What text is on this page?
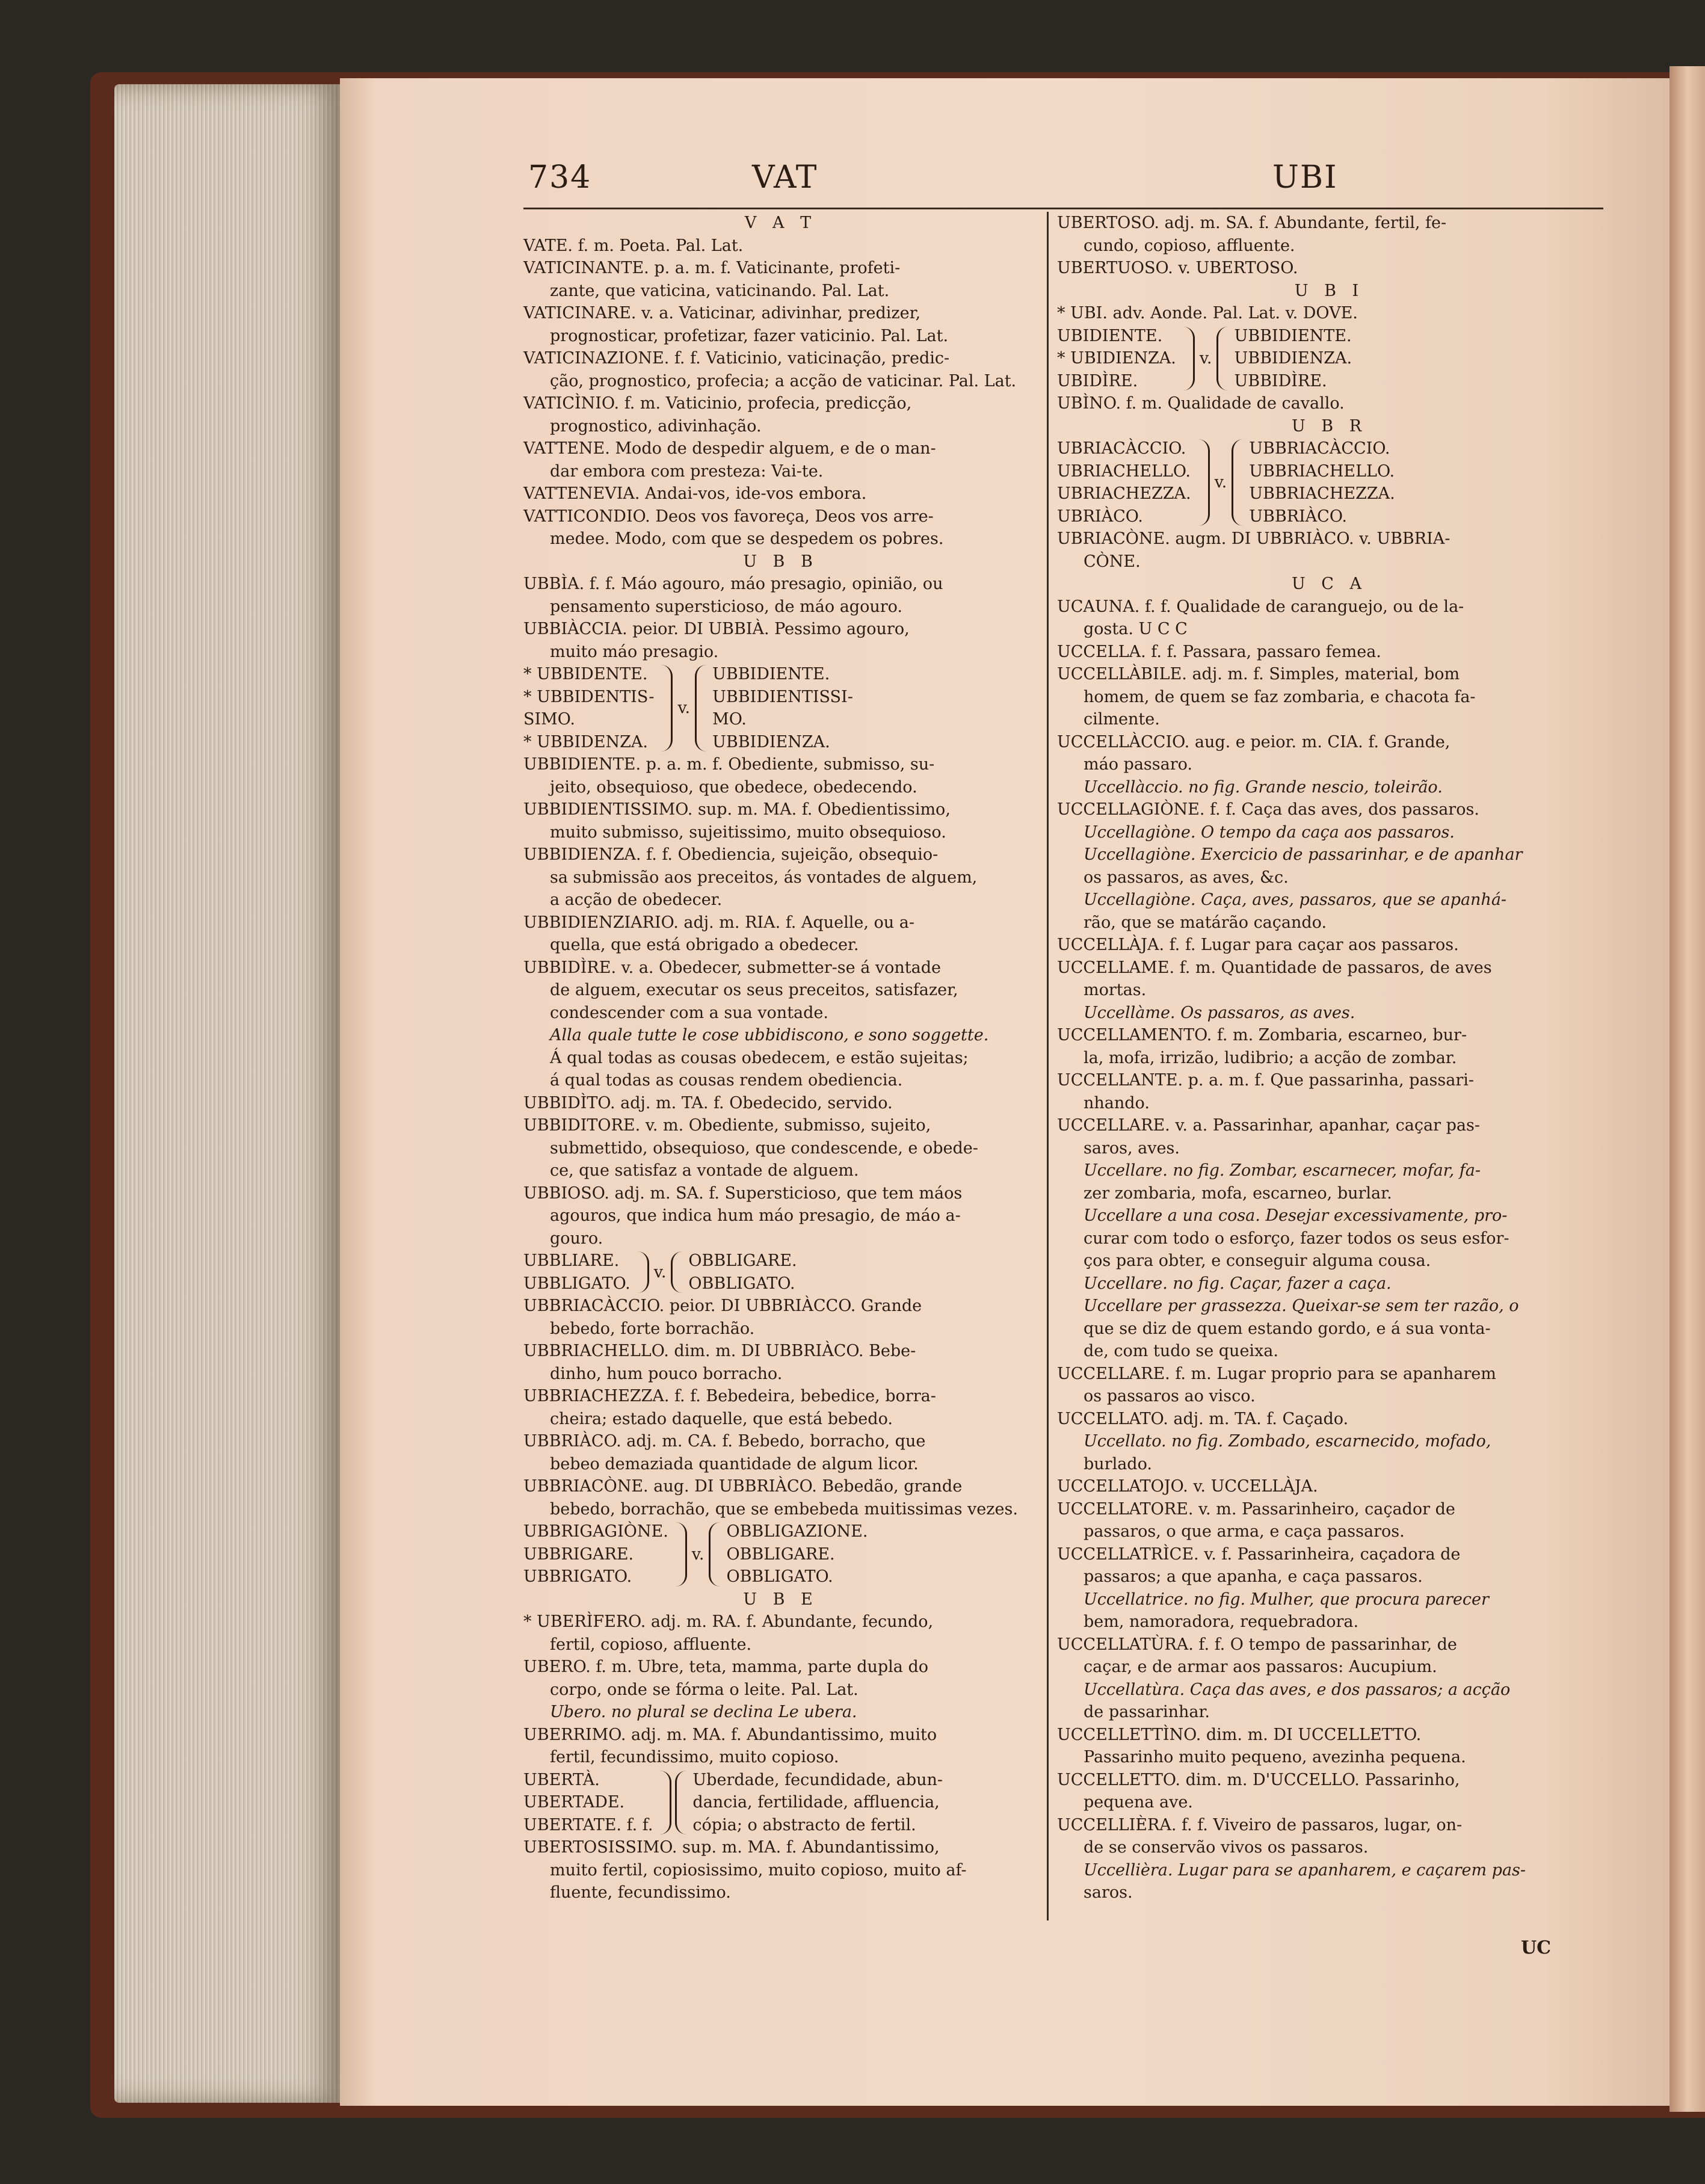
734	VAT	UBI
V A T
VATE. f. m. Poeta. Pal. Lat.
VATICINANTE. p. a. m. f. Vaticinante, profeti-
zante, que vaticina, vaticinando. Pal. Lat.
VATICINARE. v. a. Vaticinar, adivinhar, predizer,
prognosticar, profetizar, fazer vaticinio. Pal. Lat.
VATICINAZIONE. f. f. Vaticinio, vaticinação, predic-
ção, prognostico, profecia; a acção de vaticinar. Pal. Lat.
VATICÌNIO. f. m. Vaticinio, profecia, predicção,
prognostico, adivinhação.
VATTENE. Modo de despedir alguem, e de o man-
dar embora com presteza: Vai-te.
VATTENEVIA. Andai-vos, ide-vos embora.
VATTICONDIO. Deos vos favoreça, Deos vos arre-
medee. Modo, com que se despedem os pobres.
U B B
UBBÌA. f. f. Máo agouro, máo presagio, opinião, ou
pensamento supersticioso, de máo agouro.
UBBIÀCCIA. peior. DI UBBIÀ. Pessimo agouro,
muito máo presagio.
* UBBIDENTE.
* UBBIDENTIS-
SIMO.
* UBBIDENZA.
v.
UBBIDIENTE.
UBBIDIENTISSI-
MO.
UBBIDIENZA.
UBBIDIENTE. p. a. m. f. Obediente, submisso, su-
jeito, obsequioso, que obedece, obedecendo.
UBBIDIENTISSIMO. sup. m. MA. f. Obedientissimo,
muito submisso, sujeitissimo, muito obsequioso.
UBBIDIENZA. f. f. Obediencia, sujeição, obsequio-
sa submissão aos preceitos, ás vontades de alguem,
a acção de obedecer.
UBBIDIENZIARIO. adj. m. RIA. f. Aquelle, ou a-
quella, que está obrigado a obedecer.
UBBIDÌRE. v. a. Obedecer, submetter-se á vontade
de alguem, executar os seus preceitos, satisfazer,
condescender com a sua vontade.
Alla quale tutte le cose ubbidiscono, e sono soggette.
Á qual todas as cousas obedecem, e estão sujeitas;
á qual todas as cousas rendem obediencia.
UBBIDÌTO. adj. m. TA. f. Obedecido, servido.
UBBIDITORE. v. m. Obediente, submisso, sujeito,
submettido, obsequioso, que condescende, e obede-
ce, que satisfaz a vontade de alguem.
UBBIOSO. adj. m. SA. f. Supersticioso, que tem máos
agouros, que indica hum máo presagio, de máo a-
gouro.
UBBLIARE.
UBBLIGATO.
v.
OBBLIGARE.
OBBLIGATO.
UBBRIACÀCCIO. peior. DI UBBRIÀCCO. Grande
bebedo, forte borrachão.
UBBRIACHELLO. dim. m. DI UBBRIÀCO. Bebe-
dinho, hum pouco borracho.
UBBRIACHEZZA. f. f. Bebedeira, bebedice, borra-
cheira; estado daquelle, que está bebedo.
UBBRIÀCO. adj. m. CA. f. Bebedo, borracho, que
bebeo demaziada quantidade de algum licor.
UBBRIACÒNE. aug. DI UBBRIÀCO. Bebedão, grande
bebedo, borrachão, que se embebeda muitissimas vezes.
UBBRIGAGIÒNE.
UBBRIGARE.
UBBRIGATO.
v.
OBBLIGAZIONE.
OBBLIGARE.
OBBLIGATO.
U B E
* UBERÌFERO. adj. m. RA. f. Abundante, fecundo,
fertil, copioso, affluente.
UBERO. f. m. Ubre, teta, mamma, parte dupla do
corpo, onde se fórma o leite. Pal. Lat.
Ubero. no plural se declina Le ubera.
UBERRIMO. adj. m. MA. f. Abundantissimo, muito
fertil, fecundissimo, muito copioso.
UBERTÀ.
UBERTADE.
UBERTATE. f. f.
Uberdade, fecundidade, abun-
dancia, fertilidade, affluencia,
cópia; o abstracto de fertil.
UBERTOSISSIMO. sup. m. MA. f. Abundantissimo,
muito fertil, copiosissimo, muito copioso, muito af-
fluente, fecundissimo.
UBERTOSO. adj. m. SA. f. Abundante, fertil, fe-
cundo, copioso, affluente.
UBERTUOSO. v. UBERTOSO.
U B I
* UBI. adv. Aonde. Pal. Lat. v. DOVE.
UBIDIENTE.
* UBIDIENZA.
UBIDÌRE.
v.
UBBIDIENTE.
UBBIDIENZA.
UBBIDÌRE.
UBÌNO. f. m. Qualidade de cavallo.
U B R
UBRIACÀCCIO.
UBRIACHELLO.
UBRIACHEZZA.
UBRIÀCO.
v.
UBBRIACÀCCIO.
UBBRIACHELLO.
UBBRIACHEZZA.
UBBRIÀCO.
UBRIACÒNE. augm. DI UBBRIÀCO. v. UBBRIA-
CÒNE.
U C A
UCAUNA. f. f. Qualidade de caranguejo, ou de la-
gosta. U C C
UCCELLA. f. f. Passara, passaro femea.
UCCELLÀBILE. adj. m. f. Simples, material, bom
homem, de quem se faz zombaria, e chacota fa-
cilmente.
UCCELLÀCCIO. aug. e peior. m. CIA. f. Grande,
máo passaro.
Uccellàccio. no fig. Grande nescio, toleirão.
UCCELLAGIÒNE. f. f. Caça das aves, dos passaros.
Uccellagiòne. O tempo da caça aos passaros.
Uccellagiòne. Exercicio de passarinhar, e de apanhar
os passaros, as aves, &c.
Uccellagiòne. Caça, aves, passaros, que se apanhá-
rão, que se matárão caçando.
UCCELLÀJA. f. f. Lugar para caçar aos passaros.
UCCELLAME. f. m. Quantidade de passaros, de aves
mortas.
Uccellàme. Os passaros, as aves.
UCCELLAMENTO. f. m. Zombaria, escarneo, bur-
la, mofa, irrizão, ludibrio; a acção de zombar.
UCCELLANTE. p. a. m. f. Que passarinha, passari-
nhando.
UCCELLARE. v. a. Passarinhar, apanhar, caçar pas-
saros, aves.
Uccellare. no fig. Zombar, escarnecer, mofar, fa-
zer zombaria, mofa, escarneo, burlar.
Uccellare a una cosa. Desejar excessivamente, pro-
curar com todo o esforço, fazer todos os seus esfor-
ços para obter, e conseguir alguma cousa.
Uccellare. no fig. Caçar, fazer a caça.
Uccellare per grassezza. Queixar-se sem ter razão, o
que se diz de quem estando gordo, e á sua vonta-
de, com tudo se queixa.
UCCELLARE. f. m. Lugar proprio para se apanharem
os passaros ao visco.
UCCELLATO. adj. m. TA. f. Caçado.
Uccellato. no fig. Zombado, escarnecido, mofado,
burlado.
UCCELLATOJO. v. UCCELLÀJA.
UCCELLATORE. v. m. Passarinheiro, caçador de
passaros, o que arma, e caça passaros.
UCCELLATRÌCE. v. f. Passarinheira, caçadora de
passaros; a que apanha, e caça passaros.
Uccellatrice. no fig. Mulher, que procura parecer
bem, namoradora, requebradora.
UCCELLATÙRA. f. f. O tempo de passarinhar, de
caçar, e de armar aos passaros: Aucupium.
Uccellatùra. Caça das aves, e dos passaros; a acção
de passarinhar.
UCCELLETTÌNO. dim. m. DI UCCELLETTO.
Passarinho muito pequeno, avezinha pequena.
UCCELLETTO. dim. m. D'UCCELLO. Passarinho,
pequena ave.
UCCELLIÈRA. f. f. Viveiro de passaros, lugar, on-
de se conservão vivos os passaros.
Uccellièra. Lugar para se apanharem, e caçarem pas-
saros.
UC
